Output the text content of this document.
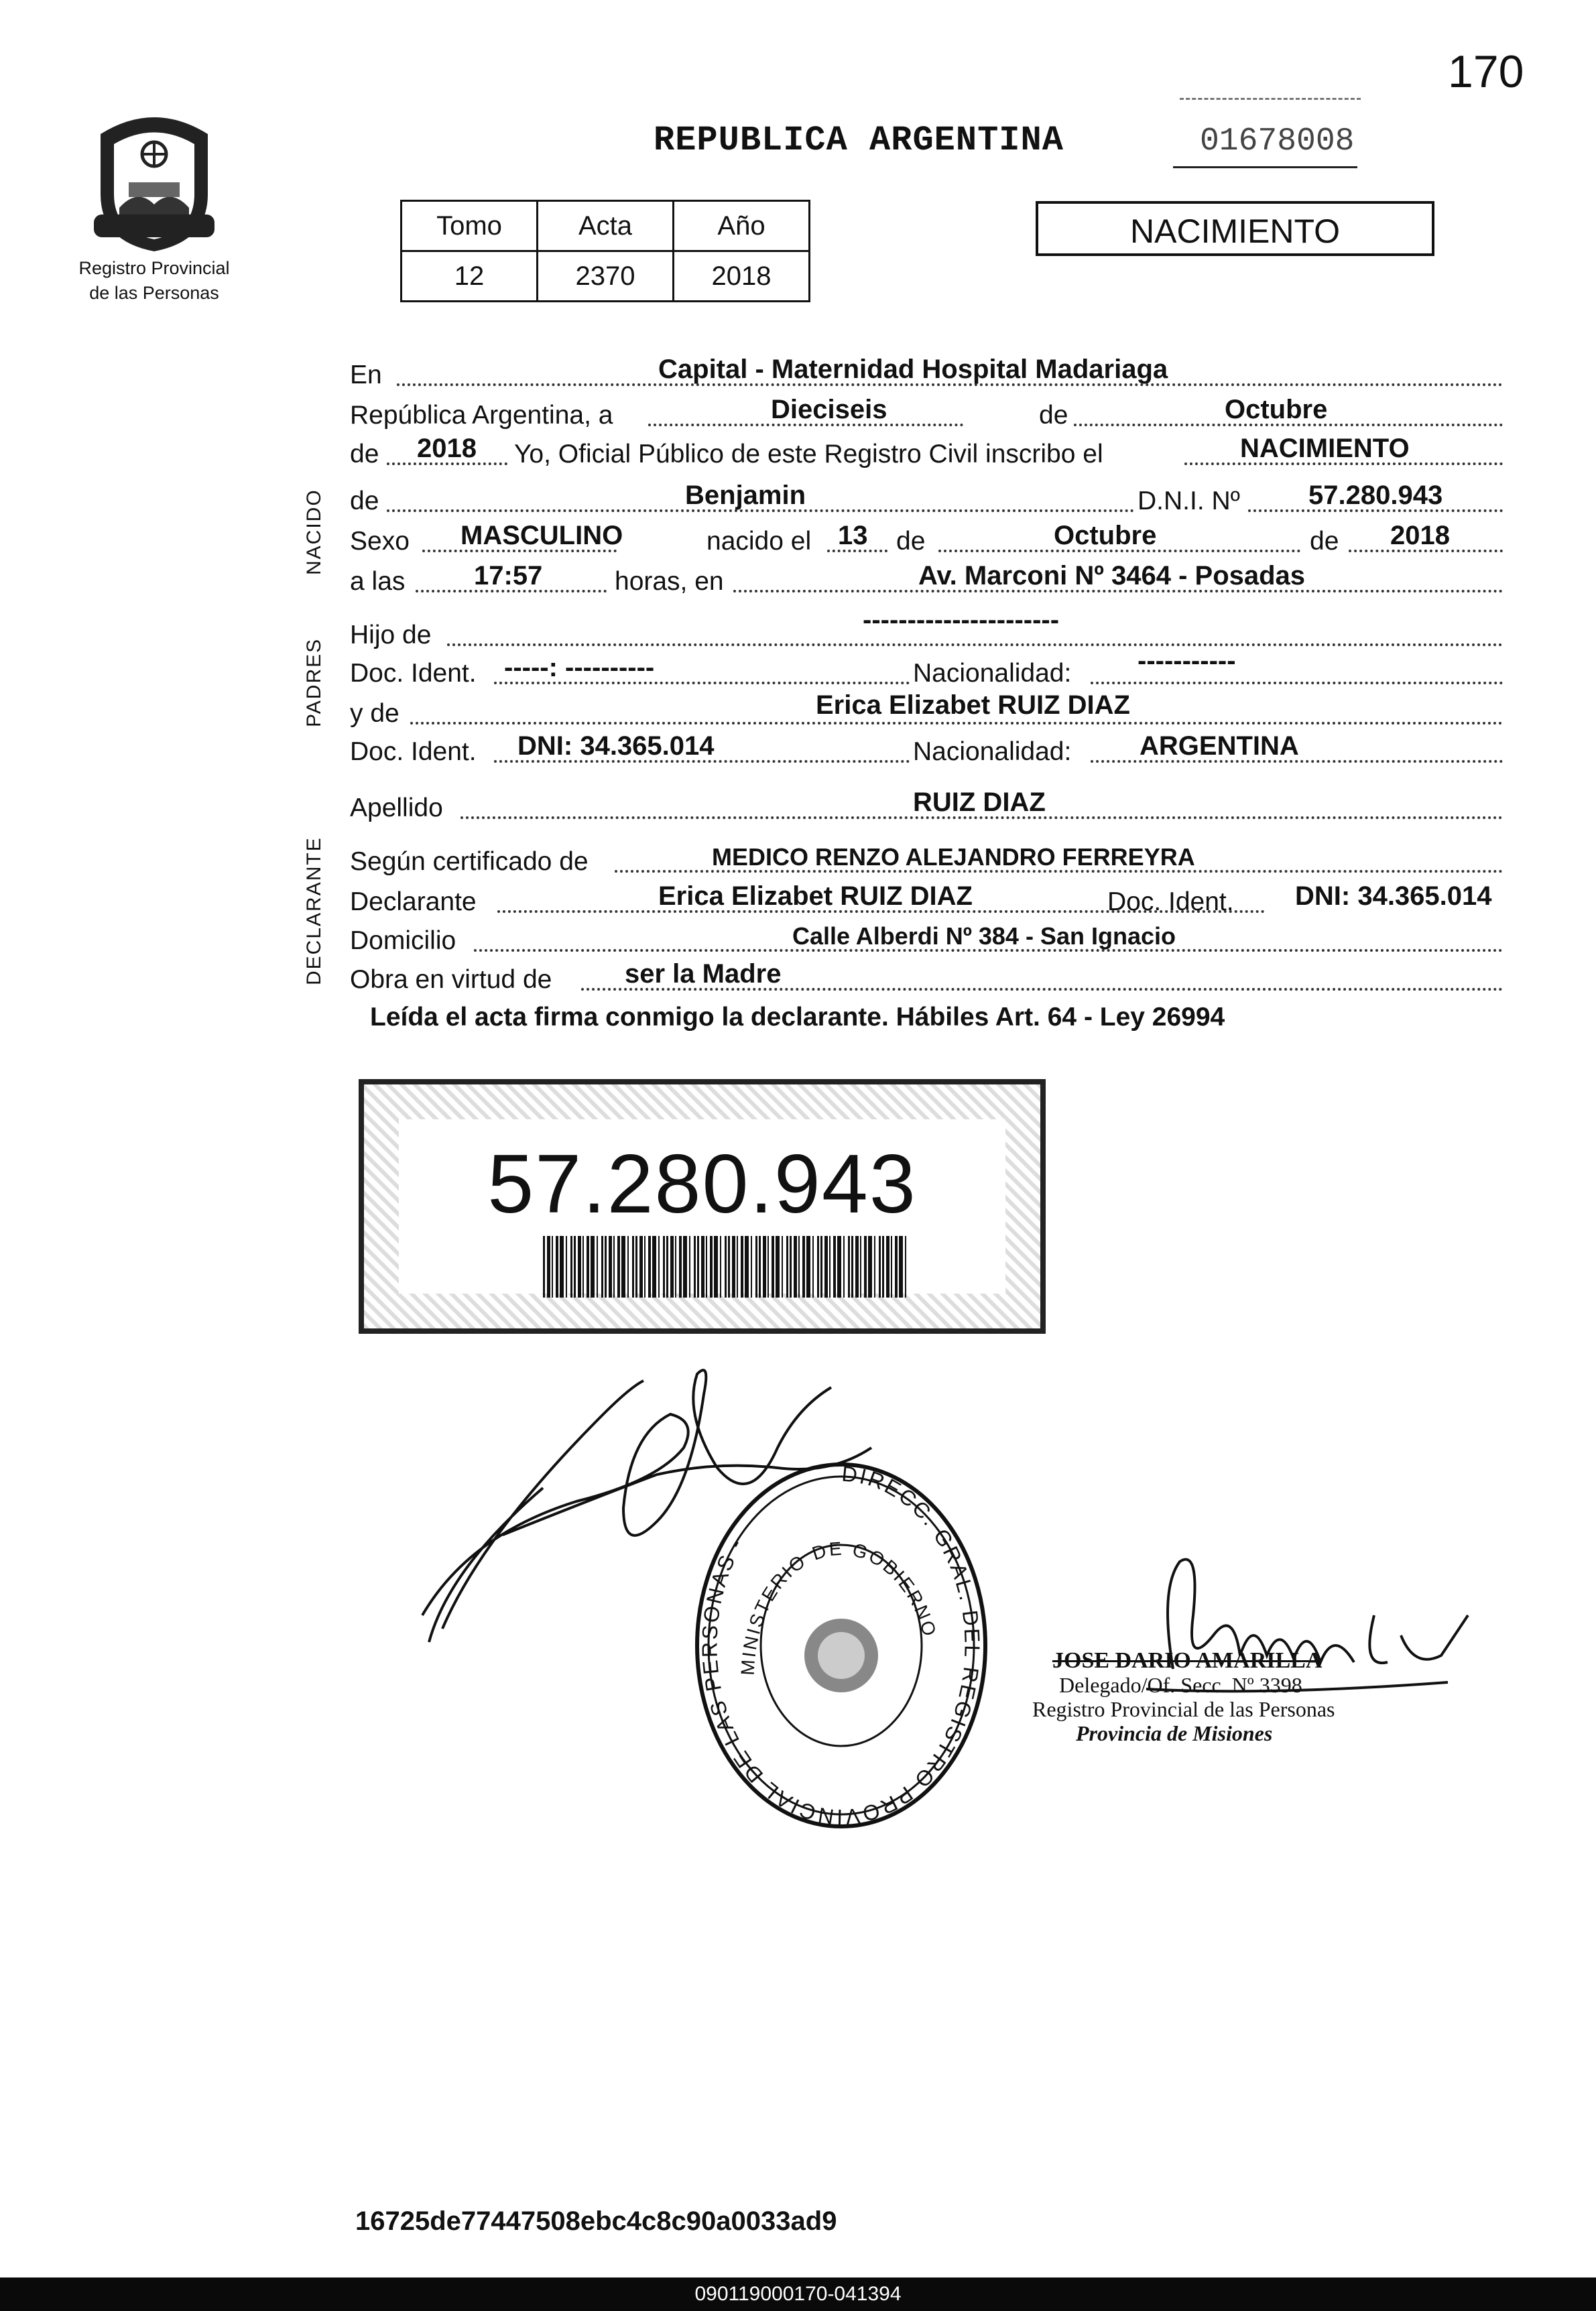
170
Registro Provincial
de las Personas
REPUBLICA ARGENTINA	01678008
Tomo	Acta	Año
12	2370	2018
NACIMIENTO
NACIDO
PADRES
DECLARANTE
En	Capital - Maternidad Hospital Madariaga
República Argentina, a	Dieciseis	de	Octubre
de 2018 Yo, Oficial Público de este Registro Civil inscribo el	NACIMIENTO
de	Benjamin	D.N.I. Nº	57.280.943
Sexo MASCULINO	nacido el 13 de	Octubre	de 2018
a las	17:57	horas, en	Av. Marconi Nº 3464 - Posadas
Hijo de
----------------------
Doc. Ident. -----: ----------	Nacionalidad: -----------
y de	Erica Elizabet RUIZ DIAZ
Doc. Ident. DNI: 34.365.014	Nacionalidad:	ARGENTINA
Apellido	RUIZ DIAZ
Según certificado de	MEDICO RENZO ALEJANDRO FERREYRA
Declarante	Erica Elizabet RUIZ DIAZ	Doc. Ident. DNI: 34.365.014
Domicilio	Calle Alberdi Nº 384 - San Ignacio
Obra en virtud de	ser la Madre
Leída el acta firma conmigo la declarante. Hábiles Art. 64 - Ley 26994
57.280.943
DIRECC. GRAL. DEL REGISTRO PROVINCIAL DE LAS PERSONAS -
MINISTERIO DE GOBIERNO
JOSE DARIO AMARILLA
Delegado/Of. Secc. Nº 3398
Registro Provincial de las Personas
Provincia de Misiones
16725de77447508ebc4c8c90a0033ad9
090119000170-041394
